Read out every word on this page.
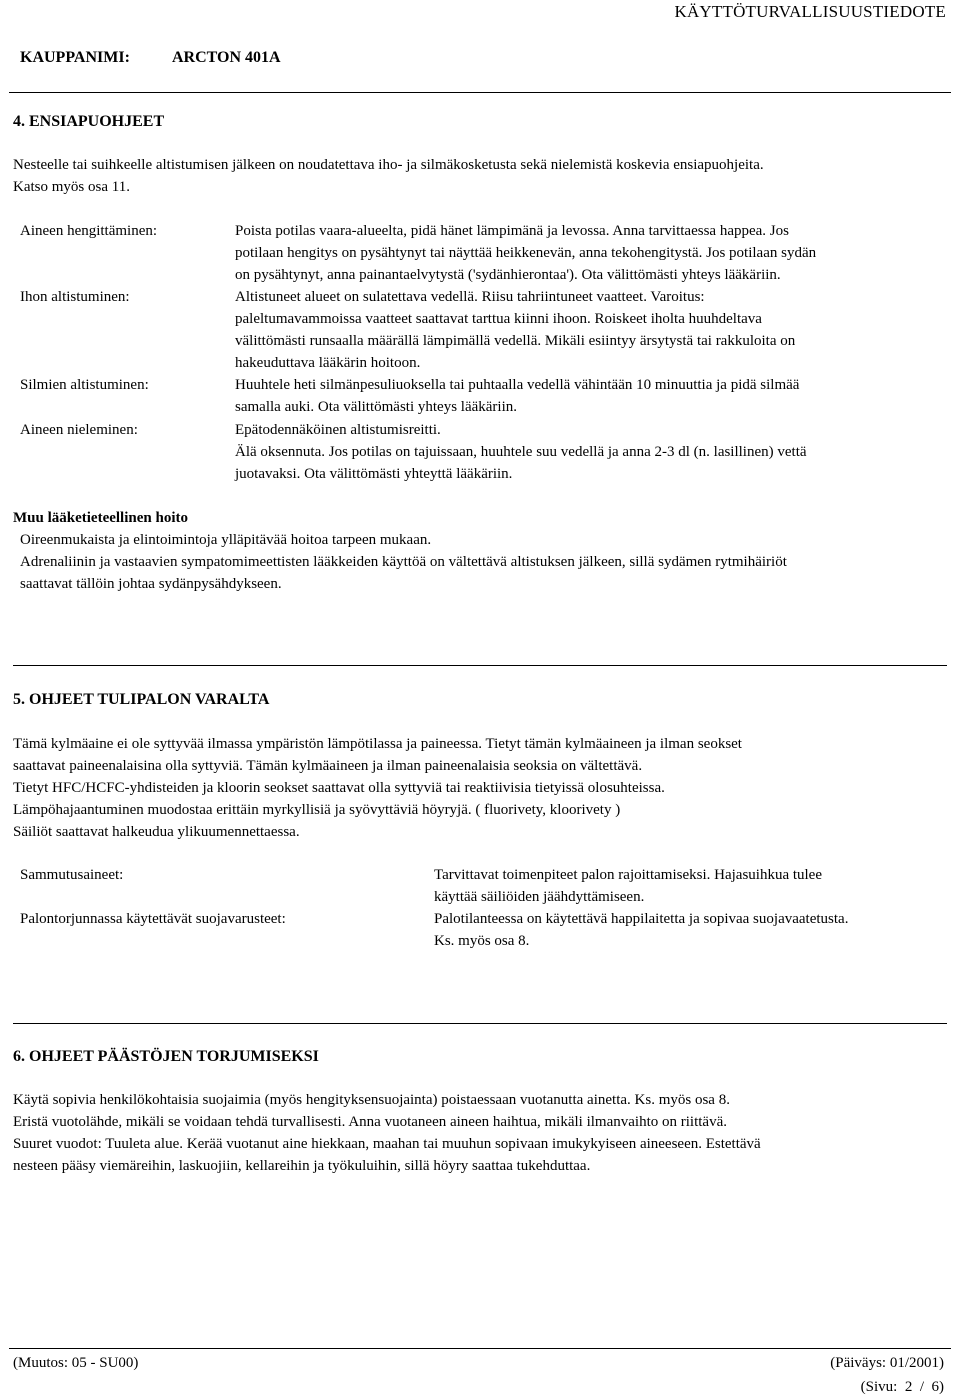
KÄYTTÖTURVALLISUUSTIEDOTE
KAUPPANIMI:	ARCTON 401A
4. ENSIAPUOHJEET
Nesteelle tai suihkeelle altistumisen jälkeen on noudatettava iho- ja silmäkosketusta sekä nielemistä koskevia ensiapuohjeita.
Katso myös osa 11.
Aineen hengittäminen:	Poista potilas vaara-alueelta, pidä hänet lämpimänä ja levossa. Anna tarvittaessa happea. Jos
potilaan hengitys on pysähtynyt tai näyttää heikkenevän, anna tekohengitystä. Jos potilaan sydän
on pysähtynyt, anna painantaelvytystä ('sydänhierontaa'). Ota välittömästi yhteys lääkäriin.
Ihon altistuminen:	Altistuneet alueet on sulatettava vedellä. Riisu tahriintuneet vaatteet. Varoitus:
paleltumavammoissa vaatteet saattavat tarttua kiinni ihoon. Roiskeet iholta huuhdeltava
välittömästi runsaalla määrällä lämpimällä vedellä. Mikäli esiintyy ärsytystä tai rakkuloita on
hakeuduttava lääkärin hoitoon.
Silmien altistuminen:	Huuhtele heti silmänpesuliuoksella tai puhtaalla vedellä vähintään 10 minuuttia ja pidä silmää
samalla auki. Ota välittömästi yhteys lääkäriin.
Aineen nieleminen:	Epätodennäköinen altistumisreitti.
Älä oksennuta. Jos potilas on tajuissaan, huuhtele suu vedellä ja anna 2-3 dl (n. lasillinen) vettä
juotavaksi. Ota välittömästi yhteyttä lääkäriin.
Muu lääketieteellinen hoito
Oireenmukaista ja elintoimintoja ylläpitävää hoitoa tarpeen mukaan.
Adrenaliinin ja vastaavien sympatomimeettisten lääkkeiden käyttöä on vältettävä altistuksen jälkeen, sillä sydämen rytmihäiriöt
saattavat tällöin johtaa sydänpysähdykseen.
5. OHJEET TULIPALON VARALTA
Tämä kylmäaine ei ole syttyvää ilmassa ympäristön lämpötilassa ja paineessa. Tietyt tämän kylmäaineen ja ilman seokset
saattavat paineenalaisina olla syttyviä. Tämän kylmäaineen ja ilman paineenalaisia seoksia on vältettävä.
Tietyt HFC/HCFC-yhdisteiden ja kloorin seokset saattavat olla syttyviä tai reaktiivisia tietyissä olosuhteissa.
Lämpöhajaantuminen muodostaa erittäin myrkyllisiä ja syövyttäviä höyryjä. ( fluorivety, kloorivety )
Säiliöt saattavat halkeudua ylikuumennettaessa.
Sammutusaineet:	Tarvittavat toimenpiteet palon rajoittamiseksi. Hajasuihkua tulee
käyttää säiliöiden jäähdyttämiseen.
Palontorjunnassa käytettävät suojavarusteet:	Palotilanteessa on käytettävä happilaitetta ja sopivaa suojavaatetusta.
Ks. myös osa 8.
6. OHJEET PÄÄSTÖJEN TORJUMISEKSI
Käytä sopivia henkilökohtaisia suojaimia (myös hengityksensuojainta) poistaessaan vuotanutta ainetta. Ks. myös osa 8.
Eristä vuotolähde, mikäli se voidaan tehdä turvallisesti. Anna vuotaneen aineen haihtua, mikäli ilmanvaihto on riittävä.
Suuret vuodot: Tuuleta alue. Kerää vuotanut aine hiekkaan, maahan tai muuhun sopivaan imukykyiseen aineeseen. Estettävä
nesteen pääsy viemäreihin, laskuojiin, kellareihin ja työkuluihin, sillä höyry saattaa tukehduttaa.
(Muutos: 05 - SU00)	(Päiväys: 01/2001)
(Sivu:  2  /  6)
